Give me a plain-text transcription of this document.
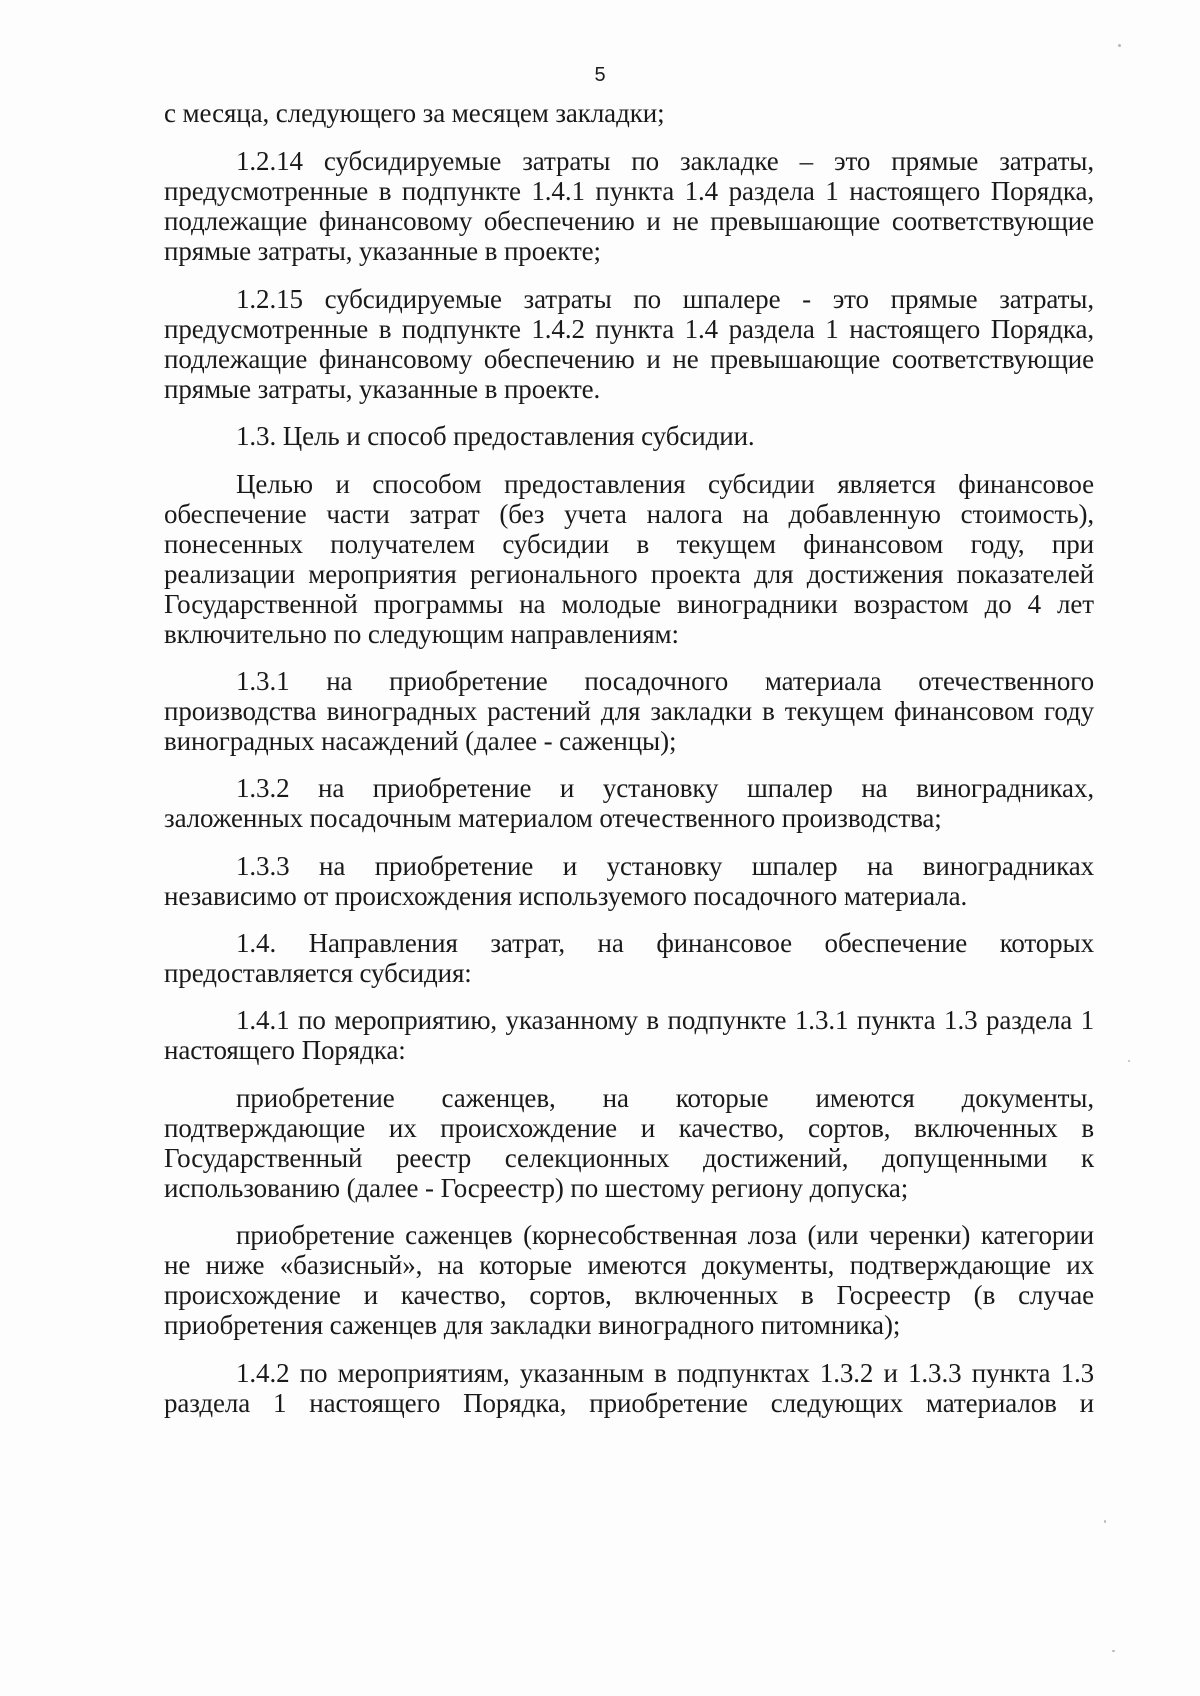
5
с месяца, следующего за месяцем закладки;
1.2.14 субсидируемые затраты по закладке – это прямые затраты,
предусмотренные в подпункте 1.4.1 пункта 1.4 раздела 1 настоящего Порядка,
подлежащие финансовому обеспечению и не превышающие соответствующие
прямые затраты, указанные в проекте;
1.2.15 субсидируемые затраты по шпалере - это прямые затраты,
предусмотренные в подпункте 1.4.2 пункта 1.4 раздела 1 настоящего Порядка,
подлежащие финансовому обеспечению и не превышающие соответствующие
прямые затраты, указанные в проекте.
1.3. Цель и способ предоставления субсидии.
Целью и способом предоставления субсидии является финансовое
обеспечение части затрат (без учета налога на добавленную стоимость),
понесенных получателем субсидии в текущем финансовом году, при
реализации мероприятия регионального проекта для достижения показателей
Государственной программы на молодые виноградники возрастом до 4 лет
включительно по следующим направлениям:
1.3.1 на приобретение посадочного материала отечественного
производства виноградных растений для закладки в текущем финансовом году
виноградных насаждений (далее - саженцы);
1.3.2 на приобретение и установку шпалер на виноградниках,
заложенных посадочным материалом отечественного производства;
1.3.3 на приобретение и установку шпалер на виноградниках
независимо от происхождения используемого посадочного материала.
1.4. Направления затрат, на финансовое обеспечение которых
предоставляется субсидия:
1.4.1 по мероприятию, указанному в подпункте 1.3.1 пункта 1.3 раздела 1
настоящего Порядка:
приобретение саженцев, на которые имеются документы,
подтверждающие их происхождение и качество, сортов, включенных в
Государственный реестр селекционных достижений, допущенными к
использованию (далее - Госреестр) по шестому региону допуска;
приобретение саженцев (корнесобственная лоза (или черенки) категории
не ниже «базисный», на которые имеются документы, подтверждающие их
происхождение и качество, сортов, включенных в Госреестр (в случае
приобретения саженцев для закладки виноградного питомника);
1.4.2 по мероприятиям, указанным в подпунктах 1.3.2 и 1.3.3 пункта 1.3
раздела 1 настоящего Порядка, приобретение следующих материалов и
